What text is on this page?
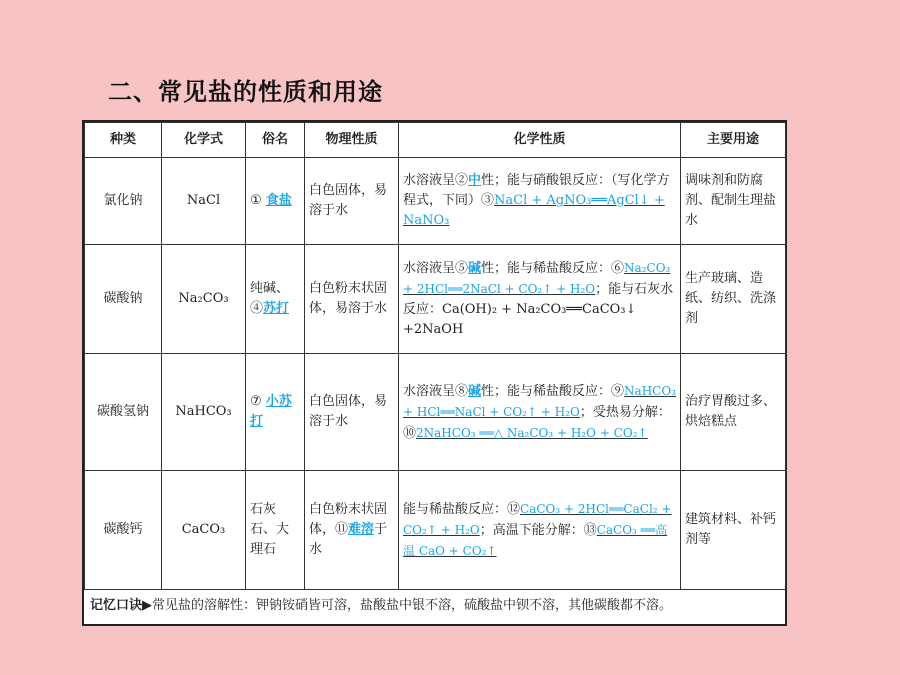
二、常见盐的性质和用途
种类	化学式	俗名	物理性质	化学性质	主要用途
氯化钠	NaCl	① 食盐	白色固体，易溶于水	水溶液呈②中性；能与硝酸银反应：（写化学方程式，下同）③NaCl + AgNO₃══AgCl↓ + NaNO₃	调味剂和防腐剂、配制生理盐水
碳酸钠	Na₂CO₃	纯碱、④苏打	白色粉末状固体，易溶于水	水溶液呈⑤碱性；能与稀盐酸反应：⑥Na₂CO₃ + 2HCl══2NaCl + CO₂↑ + H₂O；能与石灰水反应：Ca(OH)₂ + Na₂CO₃══CaCO₃↓ +2NaOH	生产玻璃、造纸、纺织、洗涤剂
碳酸氢钠	NaHCO₃	⑦ 小苏打	白色固体，易溶于水	水溶液呈⑧碱性；能与稀盐酸反应：⑨NaHCO₃ + HCl══NaCl + CO₂↑ + H₂O；受热易分解：⑩2NaHCO₃ ══△ Na₂CO₃ + H₂O + CO₂↑	治疗胃酸过多、烘焙糕点
碳酸钙	CaCO₃	石灰石、大理石	白色粉末状固体，⑪难溶于水	能与稀盐酸反应：⑫CaCO₃ + 2HCl══CaCl₂ + CO₂↑ + H₂O；高温下能分解：⑬CaCO₃ ══高温 CaO + CO₂↑	建筑材料、补钙剂等
记忆口诀▶常见盐的溶解性：钾钠铵硝皆可溶，盐酸盐中银不溶，硫酸盐中钡不溶，其他碳酸都不溶。
